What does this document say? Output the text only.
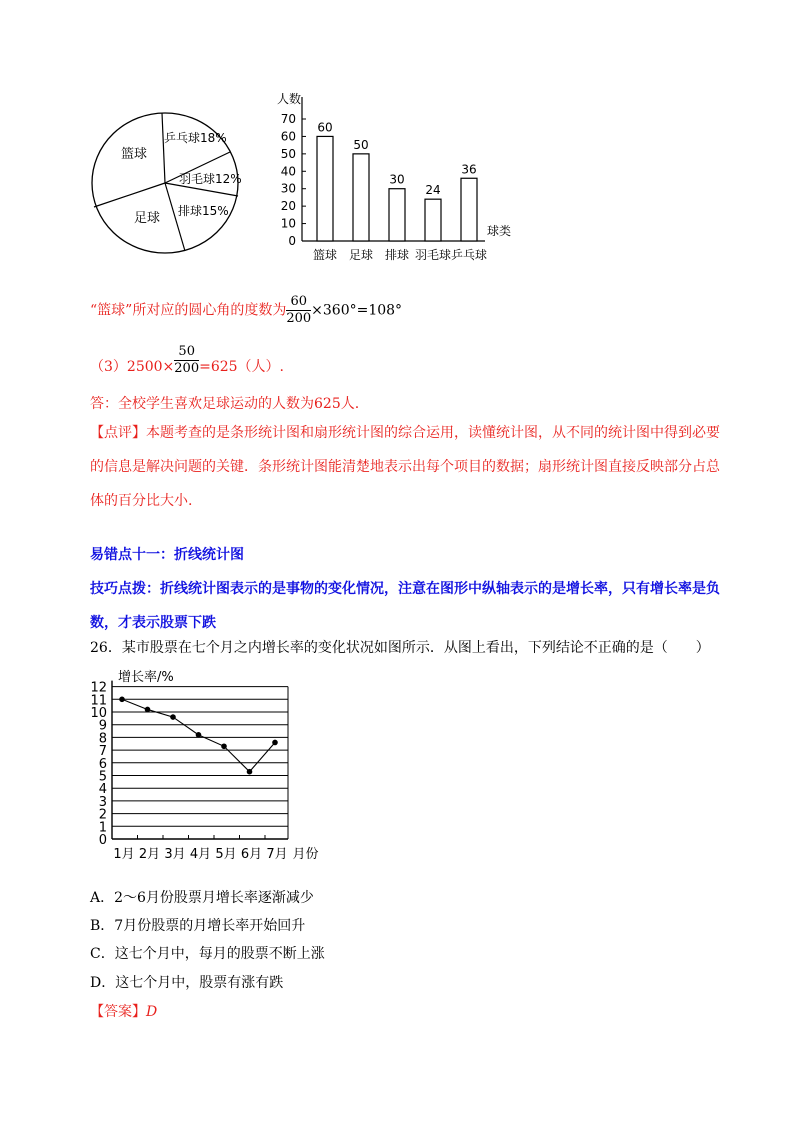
篮球
乒乓球18%
羽毛球12%
排球15%
足球
人数
球类
0
10
20
30
40
50
60
70
60
篮球
50
足球
30
排球
24
羽毛球
36
乒乓球
“篮球”所对应的圆心角的度数为 $\frac{60}{200} \times 360^\circ=108^\circ$
$(3)2500\times \frac{50}{200} =625$（人）.
答：全校学生喜欢足球运动的人数为625人.
【点评】本题考查的是条形统计图和扇形统计图的综合运用，读懂统计图，从不同的统计图中得到必要的信息是解决问题的关键．条形统计图能清楚地表示出每个项目的数据；扇形统计图直接反映部分占总体的百分比大小.
易错点十一：折线统计图
技巧点拨：折线统计图表示的是事物的变化情况，注意在图形中纵轴表示的是增长率，只有增长率是负数，才表示股票下跌
26．某市股票在七个月之内增长率的变化状况如图所示．从图上看出，下列结论不正确的是（　　）
增长率/%
0
1
2
3
4
5
6
7
8
9
10
11
12
1月 2月 3月 4月 5月 6月 7月 月份
A．2～6月份股票月增长率逐渐减少
B．7月份股票的月增长率开始回升
C．这七个月中，每月的股票不断上涨
D．这七个月中，股票有涨有跌
【答案】D
